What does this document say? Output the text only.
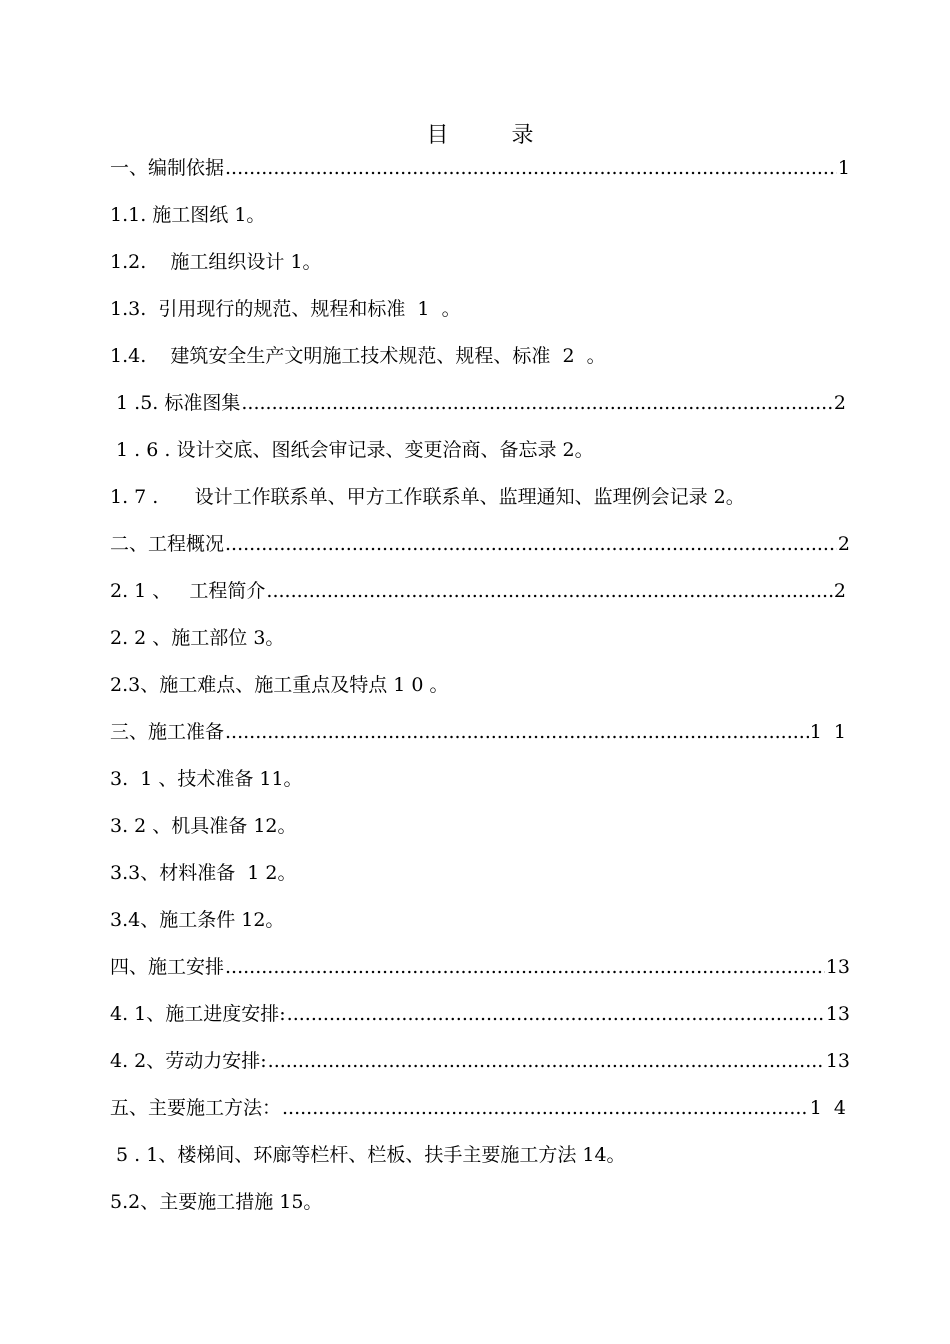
目 录
一、编制依据 .....	1
1.1. 施工图纸 1。
1.2.    施工组织设计 1。
1.3.  引用现行的规范、规程和标准  1  。
1.4.    建筑安全生产文明施工技术规范、规程、标准  2  。
1 .5. 标准图集 .....	2
1 . 6 . 设计交底、图纸会审记录、变更洽商、备忘录 2。
1. 7 .      设计工作联系单、甲方工作联系单、监理通知、监理例会记录 2。
二、工程概况 .....	2
2. 1 、   工程简介 .....	2
2. 2 、施工部位 3。
2.3、施工难点、施工重点及特点 1 0 。
三、施工准备 .....	1  1
3.  1 、技术准备 11。
3. 2 、机具准备 12。
3.3、材料准备  1 2。
3.4、施工条件 12。
四、施工安排 .....	13
4. 1、施工进度安排: .....	13
4. 2、劳动力安排: .....	13
五、主要施工方法： .....	1  4
5 . 1、楼梯间、环廊等栏杆、栏板、扶手主要施工方法 14。
5.2、主要施工措施 15。
